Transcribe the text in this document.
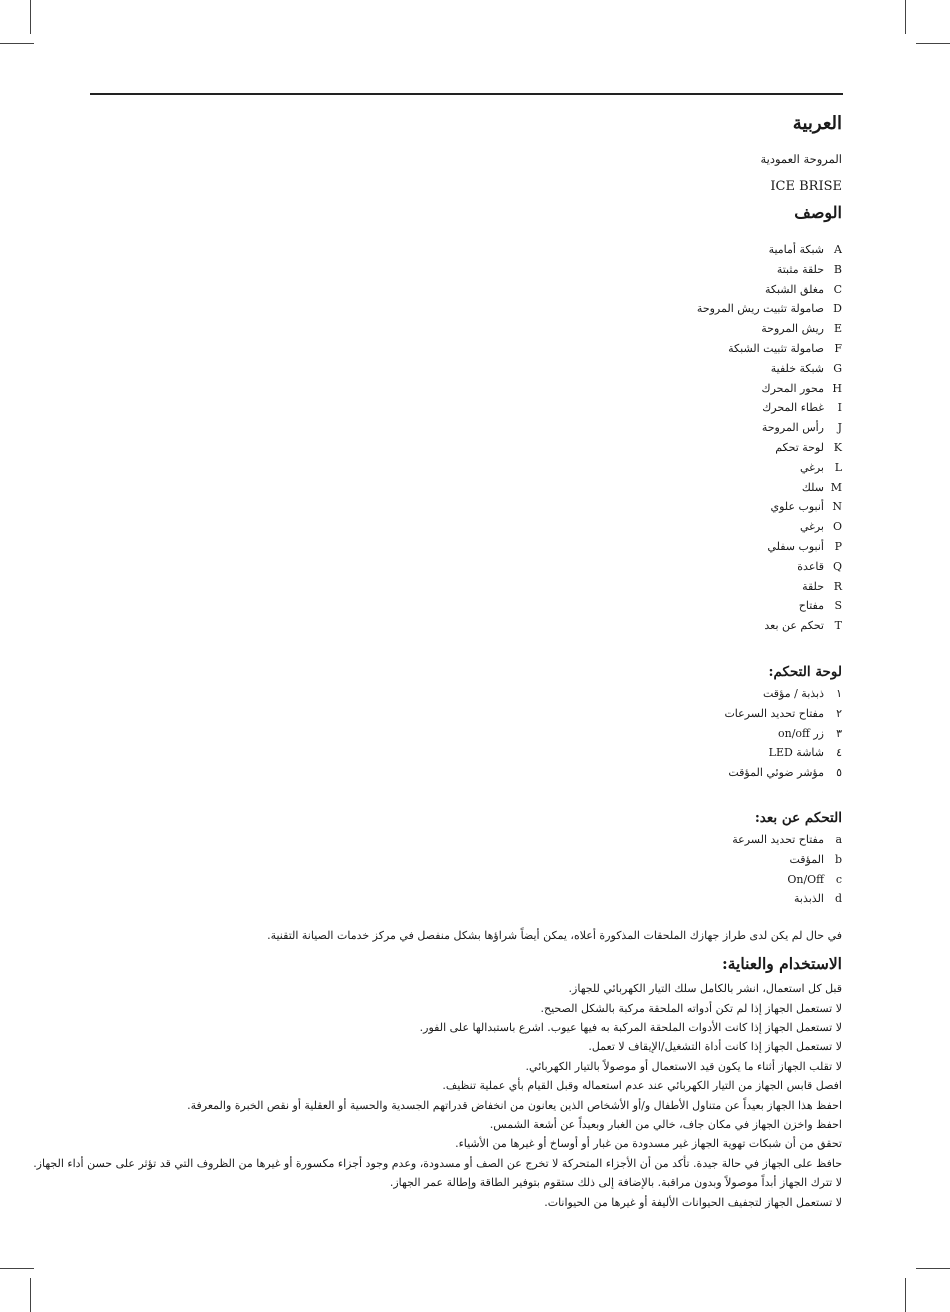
العربية
المروحة العمودية
ICE BRISE
الوصف
A
شبكة أمامية
B
حلقة مثبتة
C
مغلق الشبكة
D
صامولة تثبيت ريش المروحة
E
ريش المروحة
F
صامولة تثبيت الشبكة
G
شبكة خلفية
H
محور المحرك
I
غطاء المحرك
J
رأس المروحة
K
لوحة تحكم
L
برغي
M
سلك
N
أنبوب علوي
O
برغي
P
أنبوب سفلي
Q
قاعدة
R
حلقة
S
مفتاح
T
تحكم عن بعد
لوحة التحكم:
١
ذبذبة / مؤقت
٢
مفتاح تحديد السرعات
٣
زر on/off
٤
شاشة LED
٥
مؤشر ضوئي المؤقت
التحكم عن بعد:
a
مفتاح تحديد السرعة
b
المؤقت
c
On/Off
d
الذبذبة

في حال لم يكن لدى طراز جهازك الملحقات المذكورة أعلاه، يمكن أيضاً شراؤها بشكل منفصل في مركز خدمات الصيانة التقنية.

الاستخدام والعناية:
قبل كل استعمال، انشر بالكامل سلك التيار الكهربائي للجهاز.
لا تستعمل الجهاز إذا لم تكن أدواته الملحقة مركبة بالشكل الصحيح.
لا تستعمل الجهاز إذا كانت الأدوات الملحقة المركبة به فيها عيوب. اشرع باستبدالها على الفور.
لا تستعمل الجهاز إذا كانت أداة التشغيل/الإيقاف لا تعمل.
لا تقلب الجهاز أثناء ما يكون قيد الاستعمال أو موصولاً بالتيار الكهربائي.
افصل قابس الجهاز من التيار الكهربائي عند عدم استعماله وقبل القيام بأي عملية تنظيف.
احفظ هذا الجهاز بعيداً عن متناول الأطفال و/أو الأشخاص الذين يعانون من انخفاض قدراتهم الجسدية والحسية أو العقلية أو نقص الخبرة والمعرفة.
احفظ واخزن الجهاز في مكان جاف، خالي من الغبار وبعيداً عن أشعة الشمس.
تحقق من أن شبكات تهوية الجهاز غير مسدودة من غبار أو أوساخ أو غيرها من الأشياء.
حافظ على الجهاز في حالة جيدة. تأكد من أن الأجزاء المتحركة لا تخرج عن الصف أو مسدودة، وعدم وجود أجزاء مكسورة أو غيرها من الظروف التي قد تؤثر على حسن أداء الجهاز.
لا تترك الجهاز أبداً موصولاً وبدون مراقبة. بالإضافة إلى ذلك ستقوم بتوفير الطاقة وإطالة عمر الجهاز.
لا تستعمل الجهاز لتجفيف الحيوانات الأليفة أو غيرها من الحيوانات.
